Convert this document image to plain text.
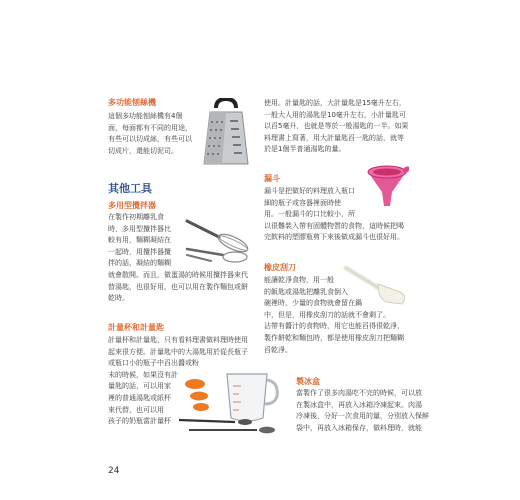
多功能刨絲機
這個多功能刨絲機有4個
面，每面都有不同的用途，
有些可以切成絲，有些可以
切成片，還能切泥司。
其他工具
多用型攪拌器
在製作初期離乳食
時，多用型攪拌器比
較有用，麵糊凝結在
一起時，用攪拌器攪
拌的話，凝結的麵糊
就會散開。而且，做蛋湯的時候用攪拌器來代
替湯匙，也很好用，也可以用在製作麵包或餅
乾時。
計量杯和計量匙
計量杯和計量匙，只有看料理書做料理時使用
起來很方便。計量匙中的大湯匙用於從長瓶子
或瓶口小的瓶子中舀出醬或粉
末的時候，如果沒有計
量匙的話，可以用家
裡的普通湯匙或紙杯
來代替，也可以用
孩子的奶瓶當計量杯
使用。計量匙的話，大計量匙是15毫升左右，
一般大人用的湯匙是10毫升左右，小計量匙可
以舀5毫升，也就是等於一般湯匙的一半。如果
料理書上寫著，用大計量匙舀一匙的話，就等
於是1個半普通湯匙的量。
漏斗
漏斗是把做好的料理放入瓶口
細的瓶子或容器裡面時使
用。一般漏斗的口比較小，所
以很難裝入帶有固體物質的食物，這時候把喝
完飲料的塑膠瓶剪下來後做成漏斗也很好用。
橡皮刮刀
能讓乾淨食物，用一般
的飯匙或湯匙把離乳食倒入
碗裡時，少量的食物就會留在鍋
中，但是，用橡皮刮刀的話就不會剩了。
沾帶有醬汁的食物時，用它也能舀得很乾淨，
製作餅乾和麵包時，都是使用橡皮刮刀把麵糊
舀乾淨。
製冰盒
當製作了很多肉湯吃不完的時候，可以放
在製冰盒中，再放入冰箱冷凍起來。肉湯
冷凍後，分好一次食用的量，分別放入保鮮
袋中，再放入冰箱保存，做料理時，就能
24
